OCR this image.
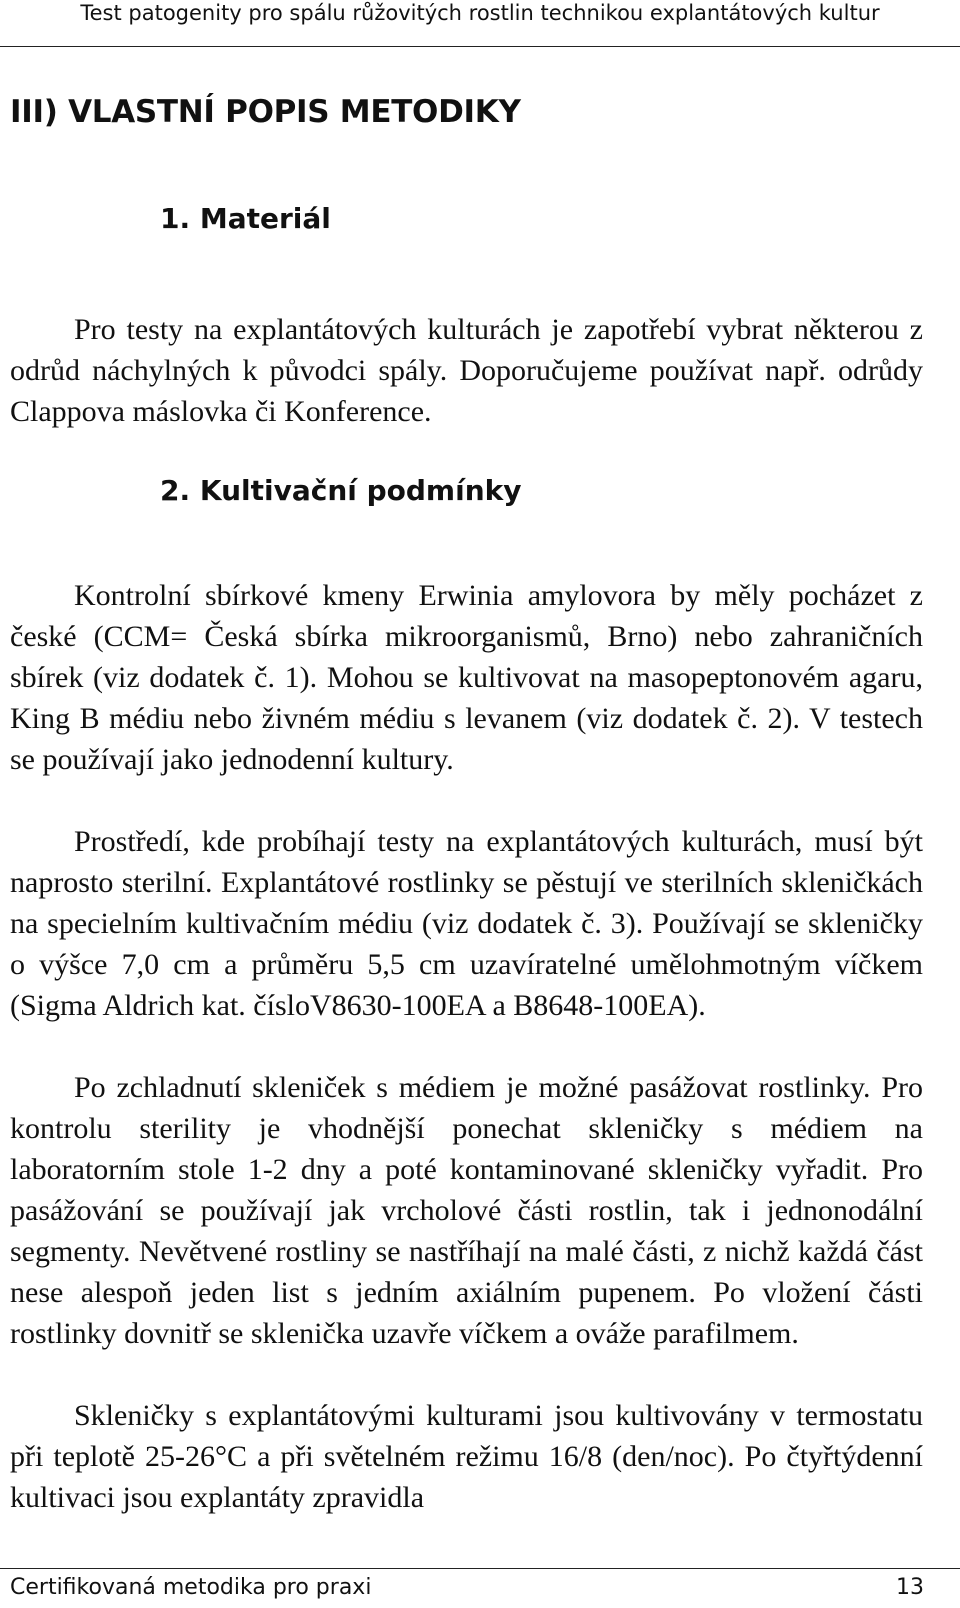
Test patogenity pro spálu růžovitých rostlin technikou explantátových kultur
III) VLASTNÍ POPIS METODIKY
1. Materiál

Pro testy na explantátových kulturách je zapotřebí vybrat některou z odrůd náchylných k původci spály. Doporučujeme používat např. odrůdy Clappova máslovka či Konference.

2. Kultivační podmínky

Kontrolní sbírkové kmeny Erwinia amylovora by měly pocházet z české (CCM= Česká sbírka mikroorganismů, Brno) nebo zahraničních sbírek (viz dodatek č. 1). Mohou se kultivovat na masopeptonovém agaru, King B médiu nebo živném médiu s levanem (viz dodatek č. 2). V testech se používají jako jednodenní kultury.

Prostředí, kde probíhají testy na explantátových kulturách, musí být naprosto sterilní. Explantátové rostlinky se pěstují ve sterilních skleničkách na specielním kultivačním médiu (viz dodatek č. 3). Používají se skleničky o výšce 7,0 cm a průměru 5,5 cm uzavíratelné umělohmotným víčkem (Sigma Aldrich kat. čísloV8630-100EA a B8648-100EA).

Po zchladnutí skleniček s médiem je možné pasážovat rostlinky. Pro kontrolu sterility je vhodnější ponechat skleničky s médiem na laboratorním stole 1-2 dny a poté kontaminované skleničky vyřadit. Pro pasážování se používají jak vrcholové části rostlin, tak i jednonodální segmenty. Nevětvené rostliny se nastříhají na malé části, z nichž každá část nese alespoň jeden list s jedním axiálním pupenem. Po vložení části rostlinky dovnitř se sklenička uzavře víčkem a ováže parafilmem.

Skleničky s explantátovými kulturami jsou kultivovány v termostatu při teplotě 25-26°C a při světelném režimu 16/8 (den/noc). Po čtyřtýdenní kultivaci jsou explantáty zpravidla

Certifikovaná metodika pro praxi	13
